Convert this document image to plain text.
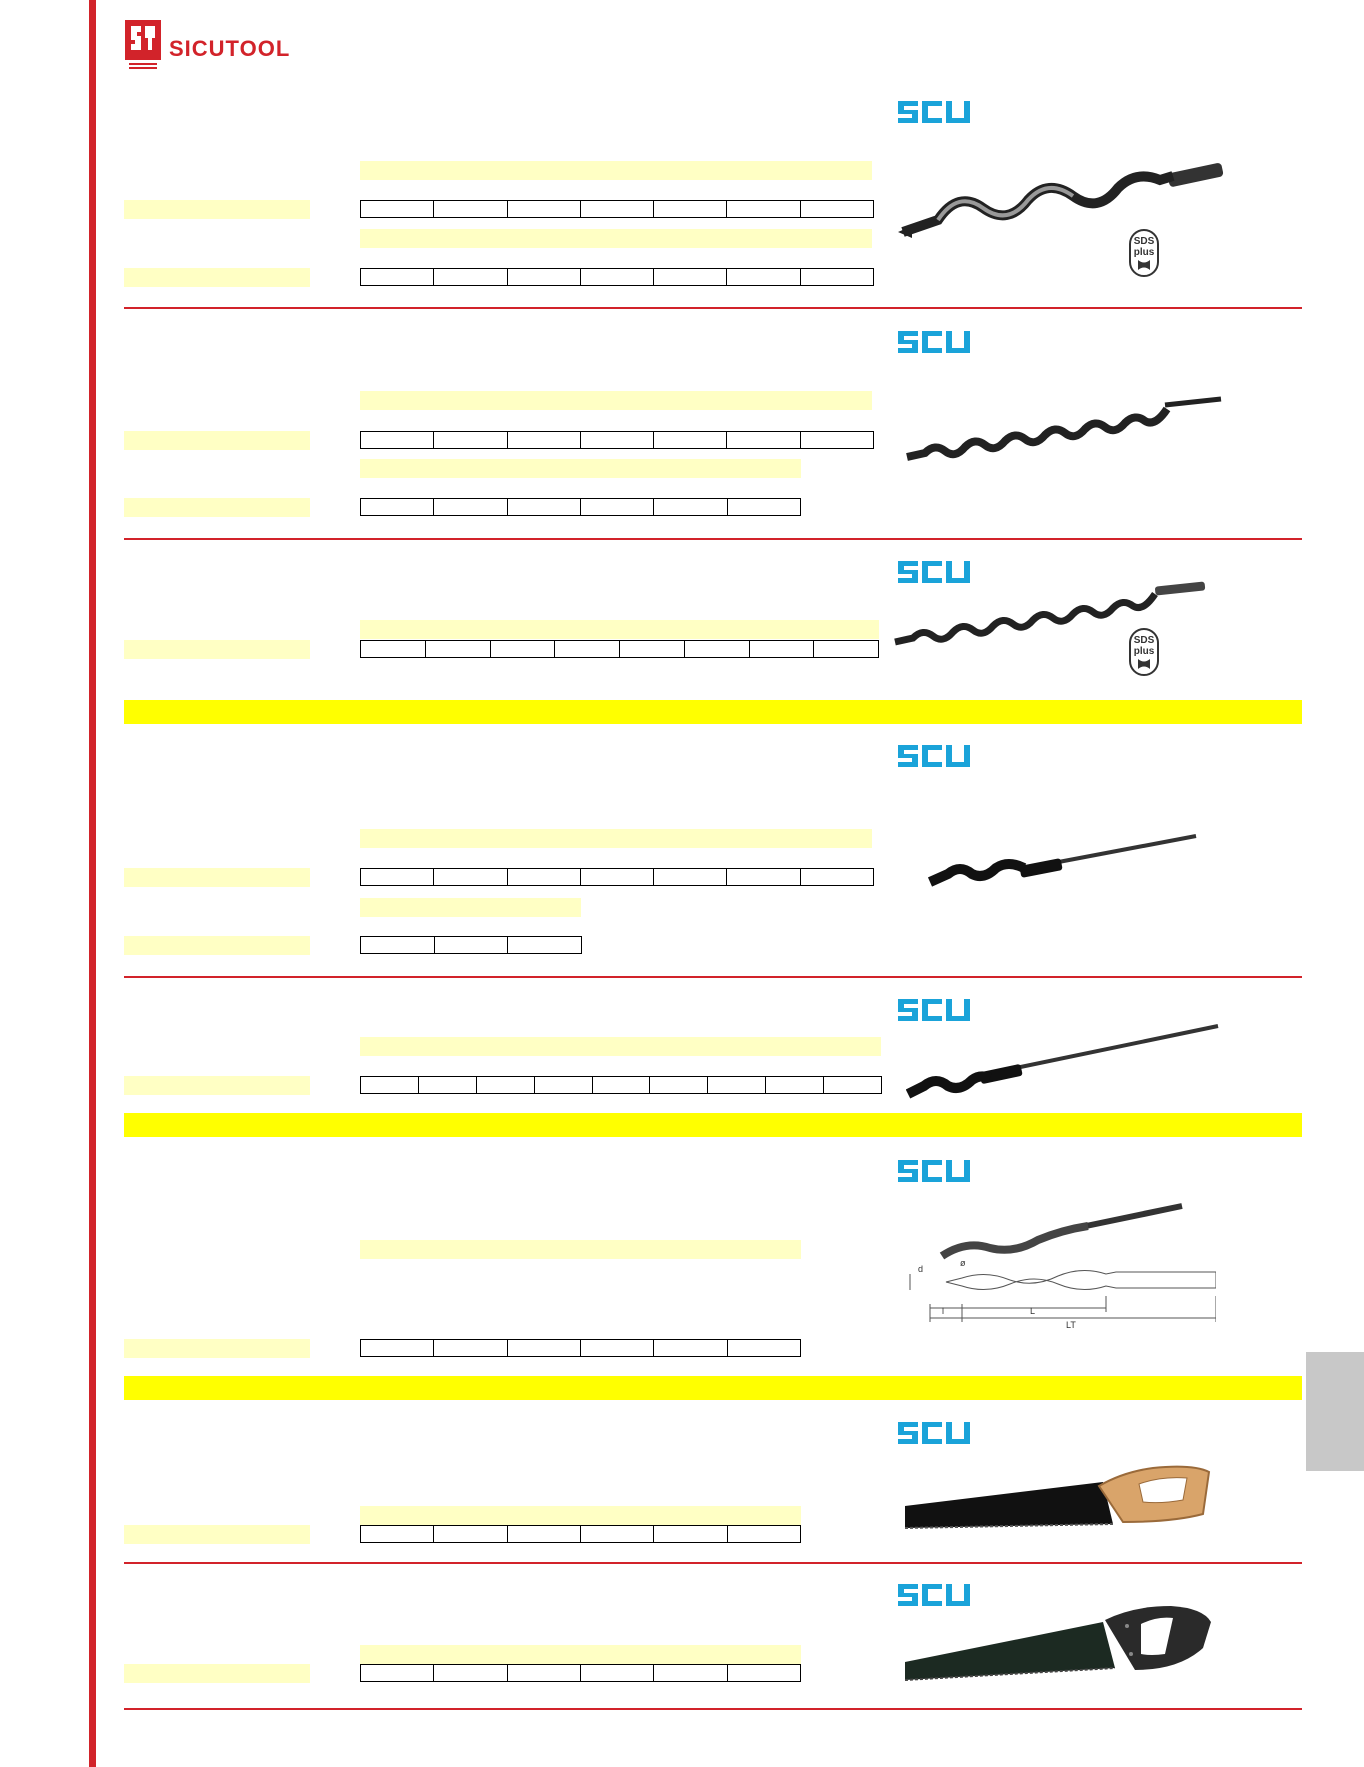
SICUTOOL
SDS
plus
SDS
plus
d
ø
l	L
LT
